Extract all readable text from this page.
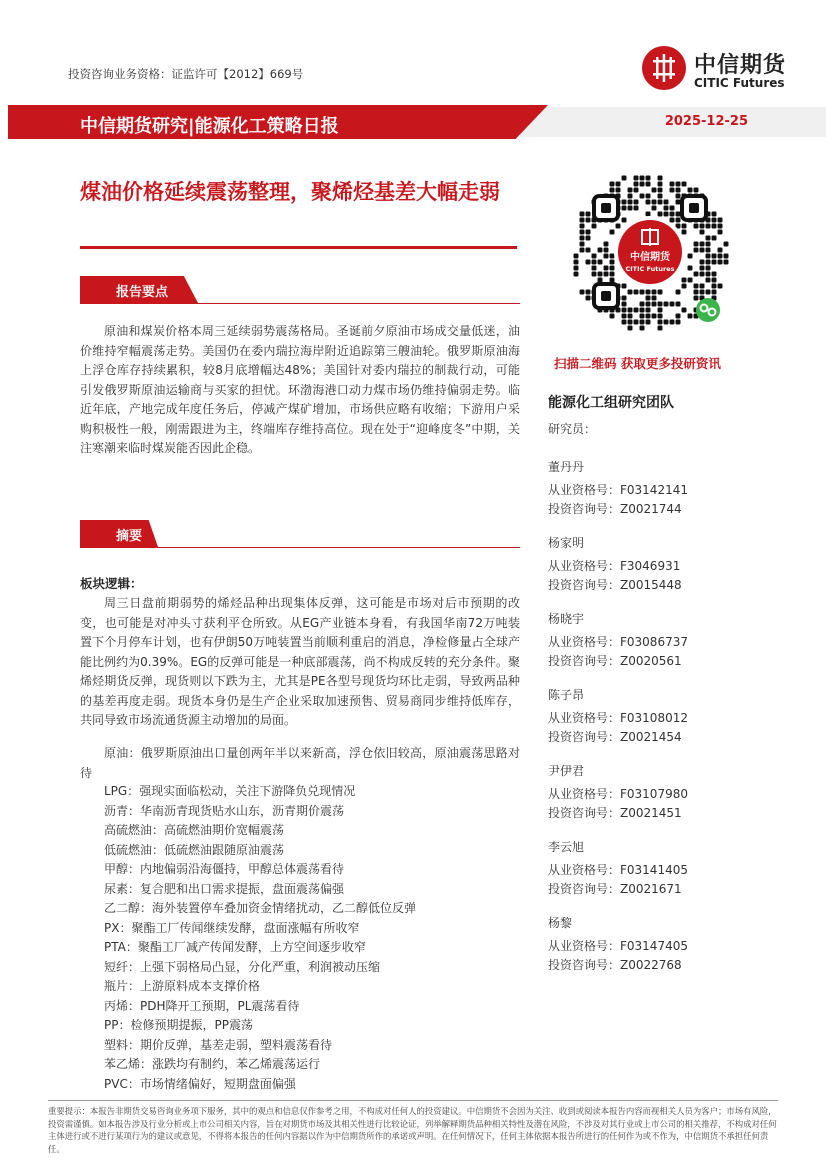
投资咨询业务资格：证监许可【2012】669号	中信期货
CITIC Futures
中信期货研究|能源化工策略日报	2025-12-25
煤油价格延续震荡整理，聚烯烃基差大幅走弱
报告要点
原油和煤炭价格本周三延续弱势震荡格局。圣诞前夕原油市场成交量低迷，油价维持窄幅震荡走势。美国仍在委内瑞拉海岸附近追踪第三艘油轮。俄罗斯原油海上浮仓库存持续累积，较8月底增幅达48%；美国针对委内瑞拉的制裁行动，可能引发俄罗斯原油运输商与买家的担忧。环渤海港口动力煤市场仍维持偏弱走势。临近年底，产地完成年度任务后，停减产煤矿增加，市场供应略有收缩；下游用户采购积极性一般，刚需跟进为主，终端库存维持高位。现在处于“迎峰度冬”中期，关注寒潮来临时煤炭能否因此企稳。
摘要
板块逻辑：
周三日盘前期弱势的烯烃品种出现集体反弹，这可能是市场对后市预期的改变，也可能是对冲头寸获利平仓所致。从EG产业链本身看，有我国华南72万吨装置下个月停车计划，也有伊朗50万吨装置当前顺利重启的消息，净检修量占全球产能比例约为0.39%。EG的反弹可能是一种底部震荡，尚不构成反转的充分条件。聚烯烃期货反弹，现货则以下跌为主，尤其是PE各型号现货均环比走弱，导致两品种的基差再度走弱。现货本身仍是生产企业采取加速预售、贸易商同步维持低库存，共同导致市场流通货源主动增加的局面。
原油：俄罗斯原油出口量创两年半以来新高，浮仓依旧较高，原油震荡思路对待
LPG：强现实面临松动，关注下游降负兑现情况
沥青：华南沥青现货贴水山东，沥青期价震荡
高硫燃油：高硫燃油期价宽幅震荡
低硫燃油：低硫燃油跟随原油震荡
甲醇：内地偏弱沿海僵持，甲醇总体震荡看待
尿素：复合肥和出口需求提振，盘面震荡偏强
乙二醇：海外装置停车叠加资金情绪扰动，乙二醇低位反弹
PX：聚酯工厂传闻继续发酵，盘面涨幅有所收窄
PTA：聚酯工厂减产传闻发酵，上方空间逐步收窄
短纤：上强下弱格局凸显，分化严重，利润被动压缩
瓶片：上游原料成本支撑价格
丙烯：PDH降开工预期，PL震荡看待
PP：检修预期提振，PP震荡
塑料：期价反弹，基差走弱，塑料震荡看待
苯乙烯：涨跌均有制约，苯乙烯震荡运行
PVC：市场情绪偏好，短期盘面偏强
中信期货
CITIC Futures
扫描二维码 获取更多投研资讯
能源化工组研究团队
研究员：
董丹丹
从业资格号：F03142141
投资咨询号：Z0021744
杨家明
从业资格号：F3046931
投资咨询号：Z0015448
杨晓宇
从业资格号：F03086737
投资咨询号：Z0020561
陈子昂
从业资格号：F03108012
投资咨询号：Z0021454
尹伊君
从业资格号：F03107980
投资咨询号：Z0021451
李云旭
从业资格号：F03141405
投资咨询号：Z0021671
杨黎
从业资格号：F03147405
投资咨询号：Z0022768
重要提示：本报告非期货交易咨询业务项下服务，其中的观点和信息仅作参考之用，不构成对任何人的投资建议。中信期货不会因为关注、收到或阅读本报告内容而视相关人员为客户；市场有风险，投资需谨慎。如本报告涉及行业分析或上市公司相关内容，旨在对期货市场及其相关性进行比较论证，列举解释期货品种相关特性及潜在风险，不涉及对其行业或上市公司的相关推荐，不构成对任何主体进行或不进行某项行为的建议或意见，不得将本报告的任何内容据以作为中信期货所作的承诺或声明。在任何情况下，任何主体依据本报告所进行的任何作为或不作为，中信期货不承担任何责任。
